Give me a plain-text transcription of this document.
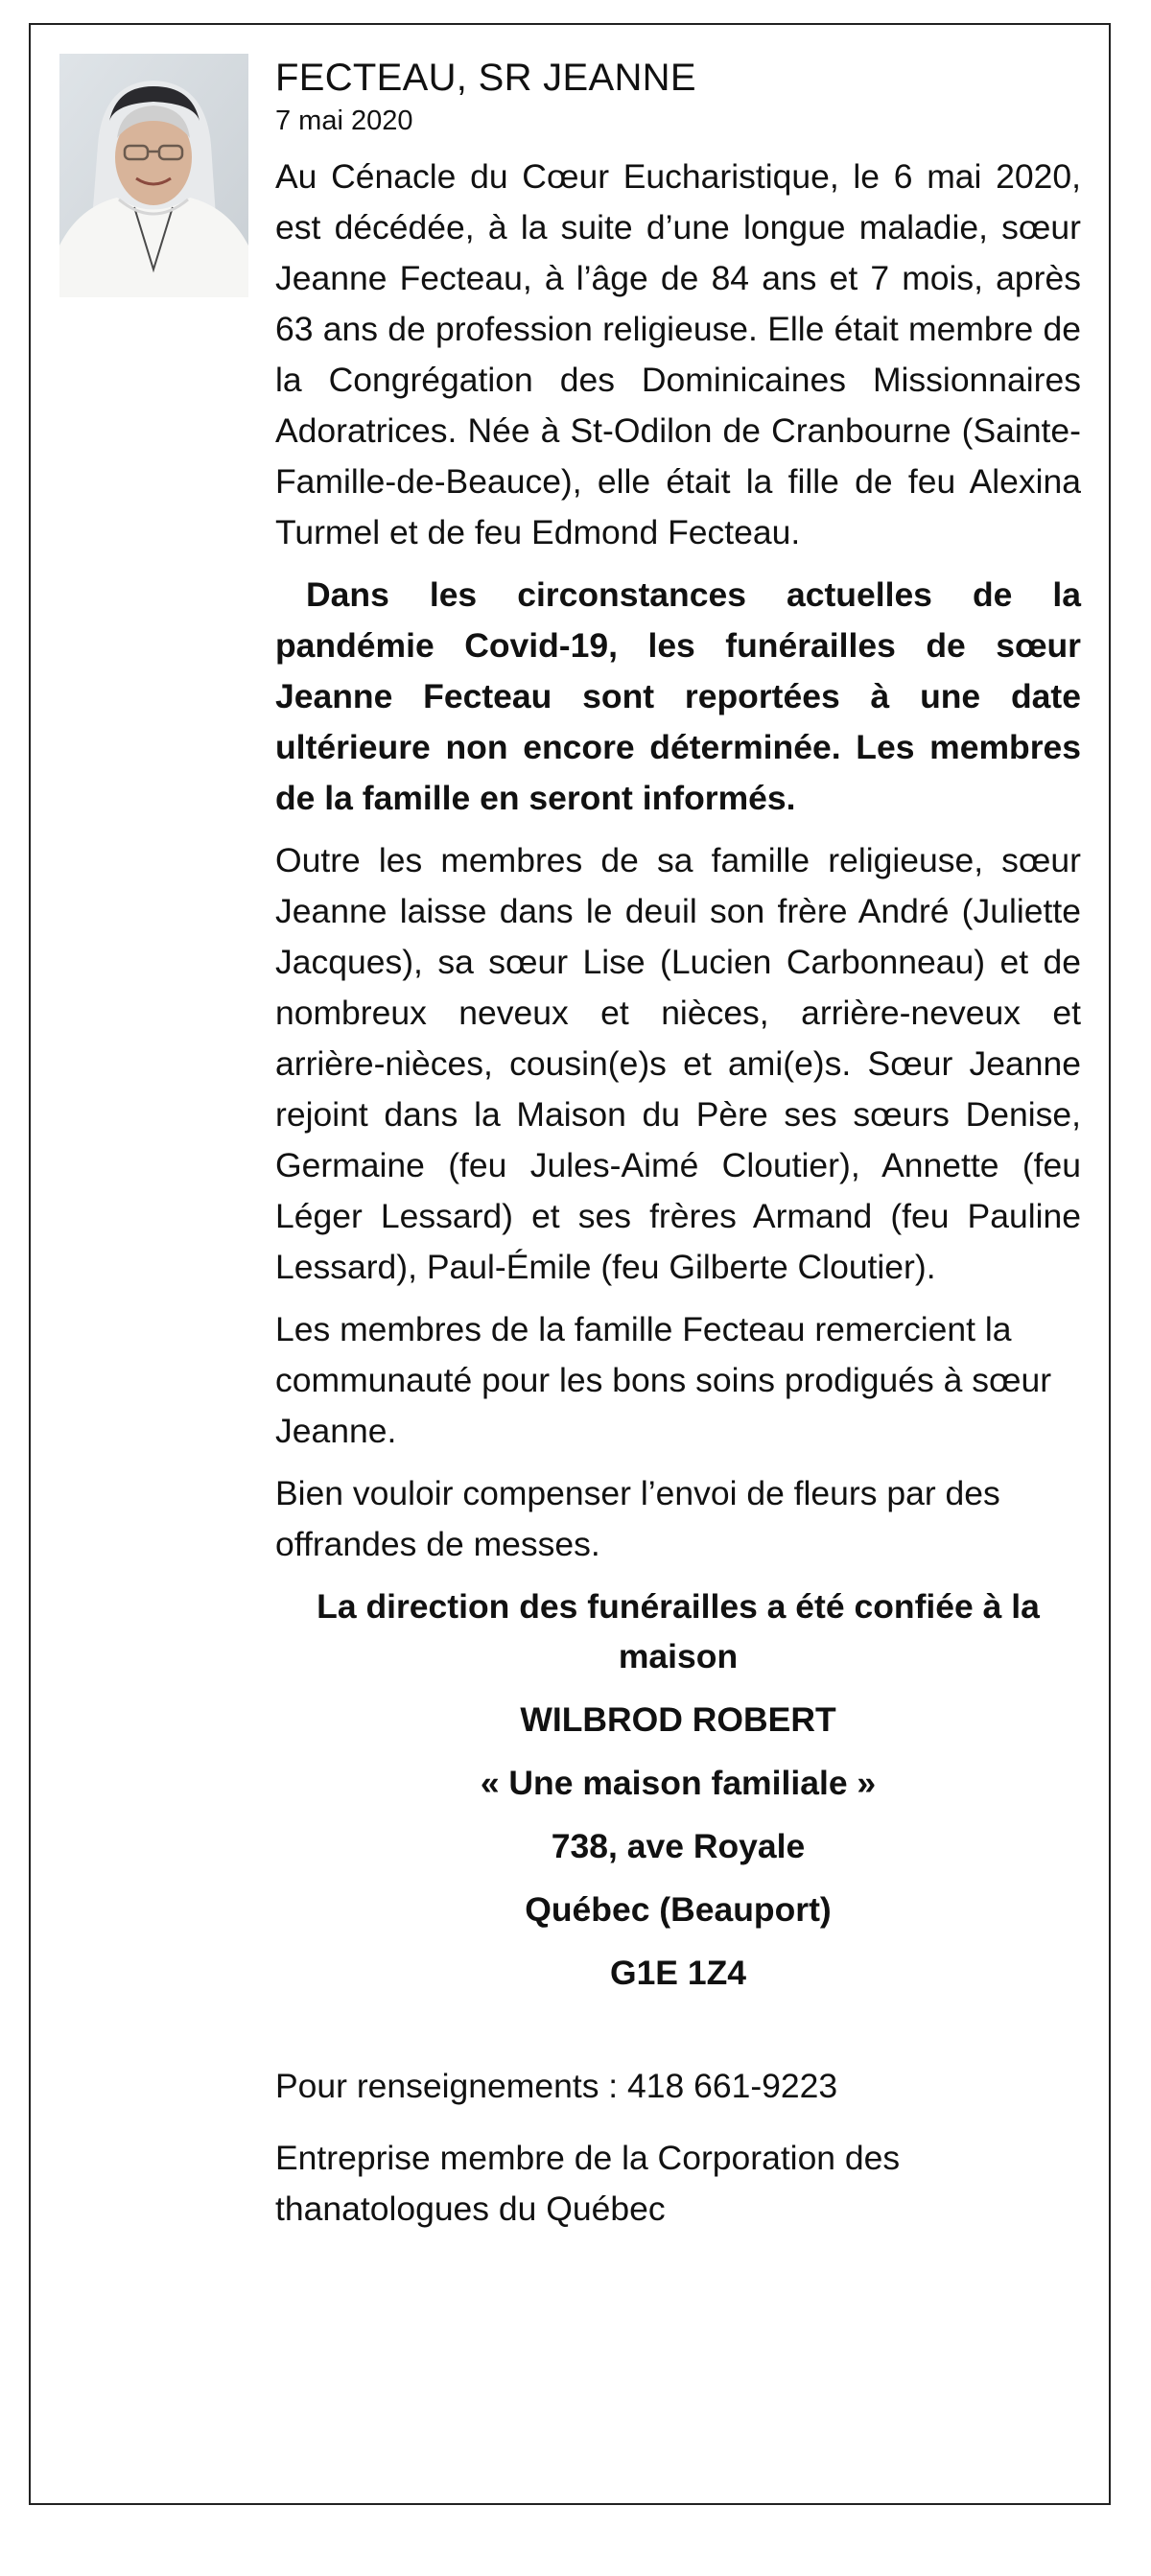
FECTEAU, SR JEANNE
7 mai 2020

Au Cénacle du Cœur Eucharistique, le 6 mai 2020, est décédée, à la suite d’une longue maladie, sœur Jeanne Fecteau, à l’âge de 84 ans et 7 mois, après 63 ans de profession religieuse. Elle était membre de la Congrégation des Dominicaines Missionnaires Adoratrices. Née à St-Odilon de Cranbourne (Sainte-Famille-de-Beauce), elle était la fille de feu Alexina Turmel et de feu Edmond Fecteau.

Dans les circonstances actuelles de la pandémie Covid-19, les funérailles de sœur Jeanne Fecteau sont reportées à une date ultérieure non encore déterminée. Les membres de la famille en seront informés.

Outre les membres de sa famille religieuse, sœur Jeanne laisse dans le deuil son frère André (Juliette Jacques), sa sœur Lise (Lucien Carbonneau) et de nombreux neveux et nièces, arrière-neveux et arrière-nièces, cousin(e)s et ami(e)s. Sœur Jeanne rejoint dans la Maison du Père ses sœurs Denise, Germaine (feu Jules-Aimé Cloutier), Annette (feu Léger Lessard) et ses frères Armand (feu Pauline Lessard), Paul-Émile (feu Gilberte Cloutier).

Les membres de la famille Fecteau remercient la communauté pour les bons soins prodigués à sœur Jeanne.

Bien vouloir compenser l’envoi de fleurs par des offrandes de messes.

La direction des funérailles a été confiée à la maison
WILBROD ROBERT
« Une maison familiale »
738, ave Royale
Québec (Beauport)
G1E 1Z4
Pour renseignements : 418 661-9223
Entreprise membre de la Corporation des thanatologues du Québec
